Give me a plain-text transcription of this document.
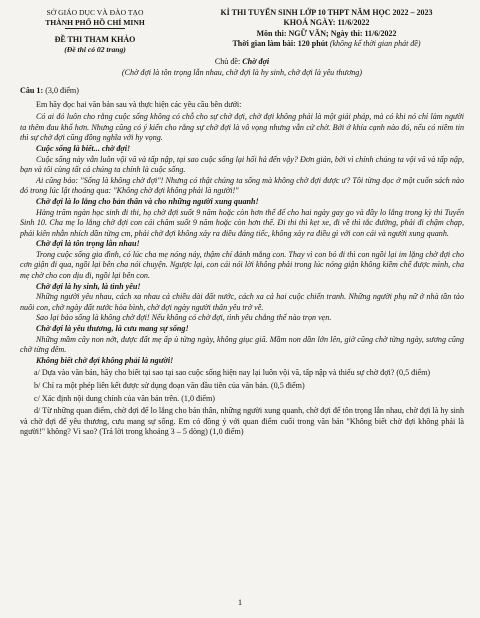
SỞ GIÁO DỤC VÀ ĐÀO TẠO
THÀNH PHỐ HỒ CHÍ MINH
ĐỀ THI THAM KHẢO
(Đề thi có 02 trang)
KÌ THI TUYỂN SINH LỚP 10 THPT NĂM HỌC 2022 – 2023
KHOÁ NGÀY: 11/6/2022
Môn thi: NGỮ VĂN; Ngày thi: 11/6/2022
Thời gian làm bài: 120 phút (không kể thời gian phát đề)
Chủ đề: Chờ đợi
(Chờ đợi là tôn trọng lẫn nhau, chờ đợi là hy sinh, chờ đợi là yêu thương)
Câu 1: (3,0 điểm)

Em hãy đọc hai văn bản sau và thực hiện các yêu cầu bên dưới:

Có ai đó luôn cho rằng cuộc sống không có chỗ cho sự chờ đợi, chờ đợi không phải là một giải pháp, mà có khi nó chỉ làm người ta thêm đau khổ hơn. Nhưng cũng có ý kiến cho rằng sự chờ đợi là vô vọng nhưng vẫn cứ chờ. Bởi ở khía cạnh nào đó, nếu có niềm tin thì sự chờ đợi cũng đồng nghĩa với hy vọng.

Cuộc sống là biết... chờ đợi!

Cuộc sống này vẫn luôn vội vã và tấp nập, tại sao cuộc sống lại hối hả đến vậy? Đơn giản, bởi vì chính chúng ta vội vã và tấp nập, bạn và tôi cùng tất cả chúng ta chính là cuộc sống.

Ai cũng bảo: "Sống là không chờ đợi"! Nhưng có thật chúng ta sống mà không chờ đợi được ư? Tôi từng đọc ở một cuốn sách nào đó trong lúc lật thoáng qua: "Không chờ đợi không phải là người!"

Chờ đợi là lo lắng cho bản thân và cho những người xung quanh!

Hàng trăm ngàn học sinh đi thi, họ chờ đợi suốt 9 năm hoặc còn hơn thế để cho hai ngày gay go và đầy lo lắng trong kỳ thi Tuyển Sinh 10. Cha mẹ lo lắng chờ đợi con cái chăm suốt 9 năm hoặc còn hơn thế. Đi thi thì kẹt xe, đi về thì tắc đường, phải đi chậm chạp, phải kiên nhẫn nhích dần từng cm, phải chờ đợi không xảy ra điều đáng tiếc, không xảy ra điều gì với con cái và người xung quanh.

Chờ đợi là tôn trọng lẫn nhau!

Trong cuộc sống gia đình, có lúc cha mẹ nóng nảy, thậm chí đánh mắng con. Thay vì con bỏ đi thì con ngồi lại im lặng chờ đợi cho cơn giận đi qua, ngồi lại bên cha nói chuyện. Ngược lại, con cái nói lời không phải trong lúc nóng giận không kiềm chế được mình, cha mẹ chờ cho con dịu đi, ngồi lại bên con.

Chờ đợi là hy sinh, là tình yêu!

Những người yêu nhau, cách xa nhau cả chiều dài đất nước, cách xa cả hai cuộc chiến tranh. Những người phụ nữ ở nhà tần tảo nuôi con, chờ ngày đất nước hòa bình, chờ đợi ngày người thân yêu trở về.

Sao lại bảo sống là không chờ đợi! Nếu không có chờ đợi, tình yêu chẳng thể nào trọn vẹn.

Chờ đợi là yêu thương, là cưu mang sự sống!

Những mầm cây non nớt, được đất mẹ ấp ủ từng ngày, không giục giã. Mầm non dần lớn lên, giờ cũng chờ từng ngày, sương cũng chờ từng đêm.

Không biết chờ đợi không phải là người!

a/ Dựa vào văn bản, hãy cho biết tại sao tại sao cuộc sống hiện nay lại luôn vội vã, tấp nập và thiếu sự chờ đợi? (0,5 điểm)

b/ Chỉ ra một phép liên kết được sử dụng đoạn văn đầu tiên của văn bản. (0,5 điểm)

c/ Xác định nội dung chính của văn bản trên. (1,0 điểm)

d/ Từ những quan điểm, chờ đợi để lo lắng cho bản thân, những người xung quanh, chờ đợi để tôn trọng lẫn nhau, chờ đợi là hy sinh và chờ đợi để yêu thương, cưu mang sự sống. Em có đồng ý với quan điểm cuối trong văn bản "Không biết chờ đợi không phải là người!" không? Vì sao? (Trả lời trong khoảng 3 – 5 dòng) (1,0 điểm)

1
